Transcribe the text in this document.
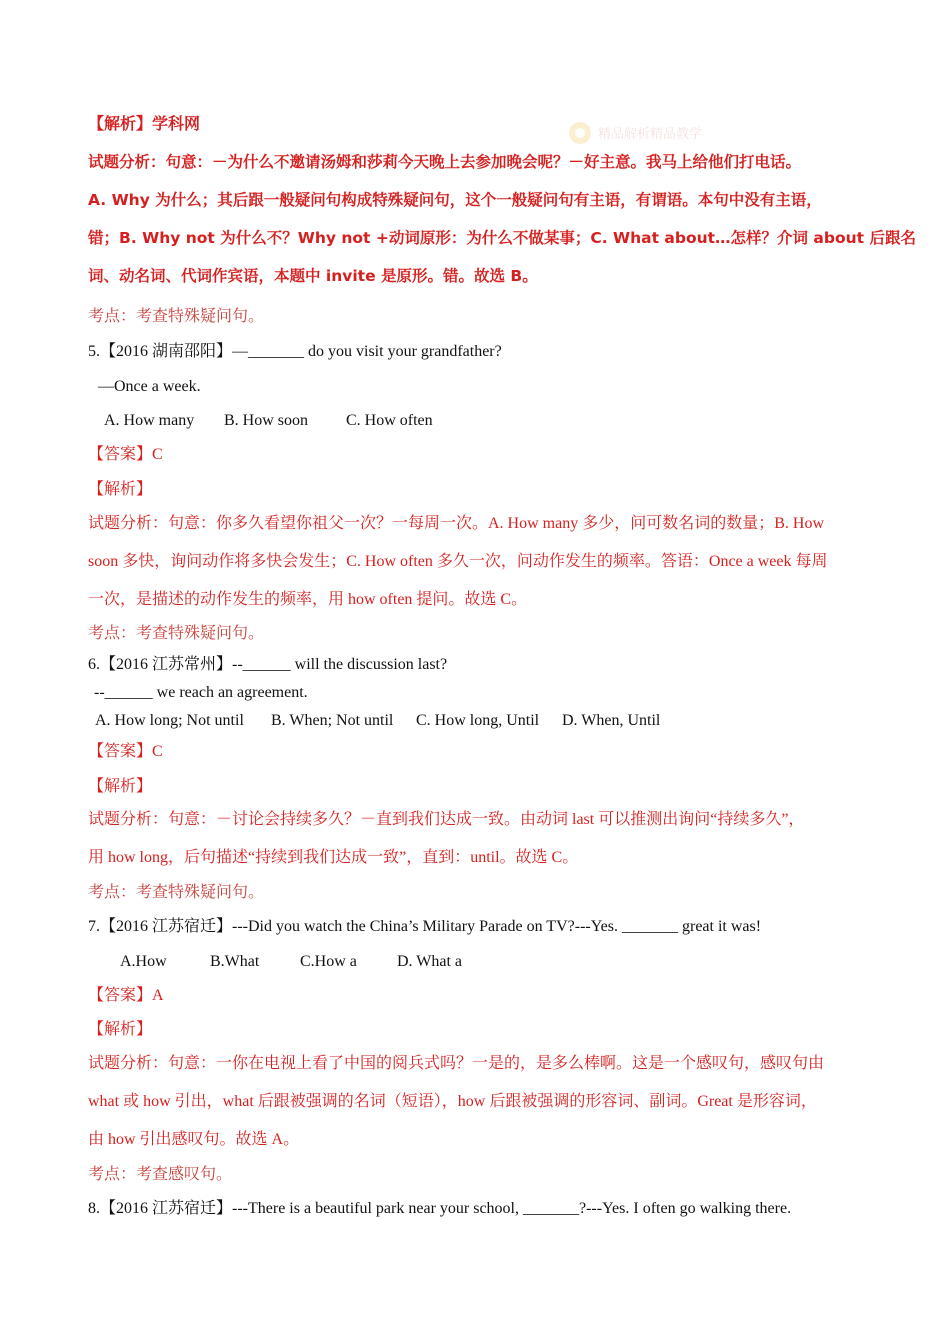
精品解析精品教学
【解析】学科网
试题分析：句意：－为什么不邀请汤姆和莎莉今天晚上去参加晚会呢？－好主意。我马上给他们打电话。
A. Why 为什么；其后跟一般疑问句构成特殊疑问句，这个一般疑问句有主语，有谓语。本句中没有主语，
错；B. Why not 为什么不？Why not +动词原形：为什么不做某事；C. What about…怎样？介词 about 后跟名
词、动名词、代词作宾语，本题中 invite 是原形。错。故选 B。
考点：考查特殊疑问句。
5.【2016 湖南邵阳】—_______ do you visit your grandfather?
—Once a week.
A. How many B. How soon C. How often
【答案】C
【解析】
试题分析：句意：你多久看望你祖父一次？一每周一次。A. How many 多少，问可数名词的数量；B. How
soon 多快，询问动作将多快会发生；C. How often 多久一次，问动作发生的频率。答语：Once a week 每周
一次，是描述的动作发生的频率，用 how often 提问。故选 C。
考点：考查特殊疑问句。
6.【2016 江苏常州】--______ will the discussion last?
--______ we reach an agreement.
A. How long; Not until B. When; Not until C. How long, Until D. When, Until
【答案】C
【解析】
试题分析：句意：－讨论会持续多久？－直到我们达成一致。由动词 last 可以推测出询问“持续多久”，
用 how long，后句描述“持续到我们达成一致”，直到：until。故选 C。
考点：考查特殊疑问句。
7.【2016 江苏宿迁】---Did you watch the China’s Military Parade on TV?---Yes. _______ great it was!
A.How	B.What	C.How a	D. What a
【答案】A
【解析】
试题分析：句意：一你在电视上看了中国的阅兵式吗？一是的，是多么棒啊。这是一个感叹句，感叹句由
what 或 how 引出，what 后跟被强调的名词（短语），how 后跟被强调的形容词、副词。Great 是形容词，
由 how 引出感叹句。故选 A。
考点：考查感叹句。
8.【2016 江苏宿迁】---There is a beautiful park near your school, _______?---Yes. I often go walking there.
